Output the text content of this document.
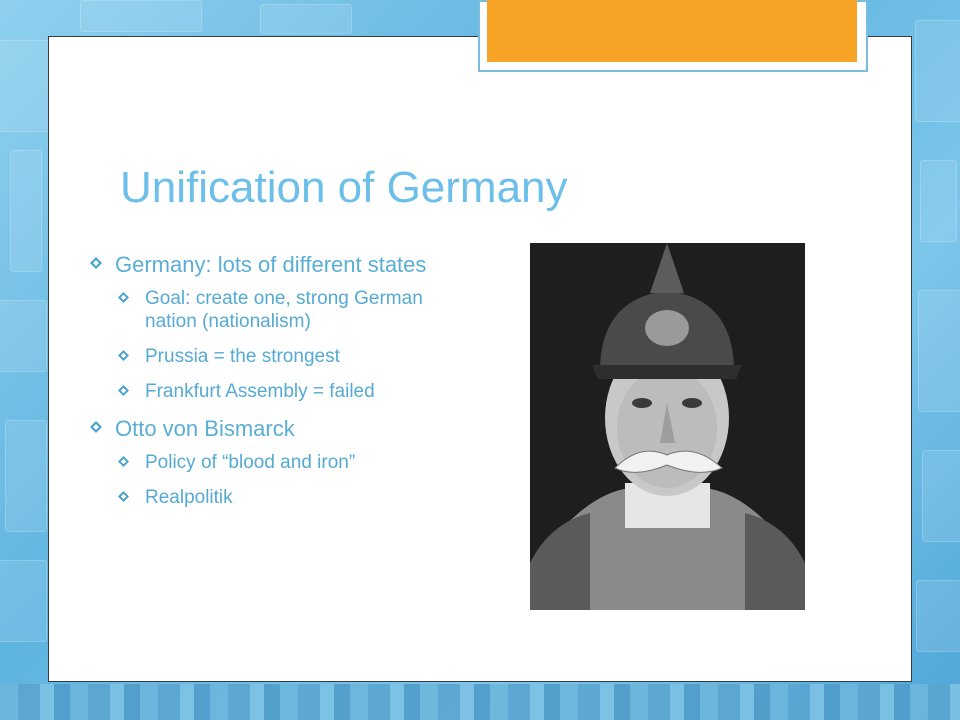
Unification of Germany
Germany: lots of different states
Goal: create one, strong German nation (nationalism)
Prussia = the strongest
Frankfurt Assembly = failed
Otto von Bismarck
Policy of “blood and iron”
Realpolitik
